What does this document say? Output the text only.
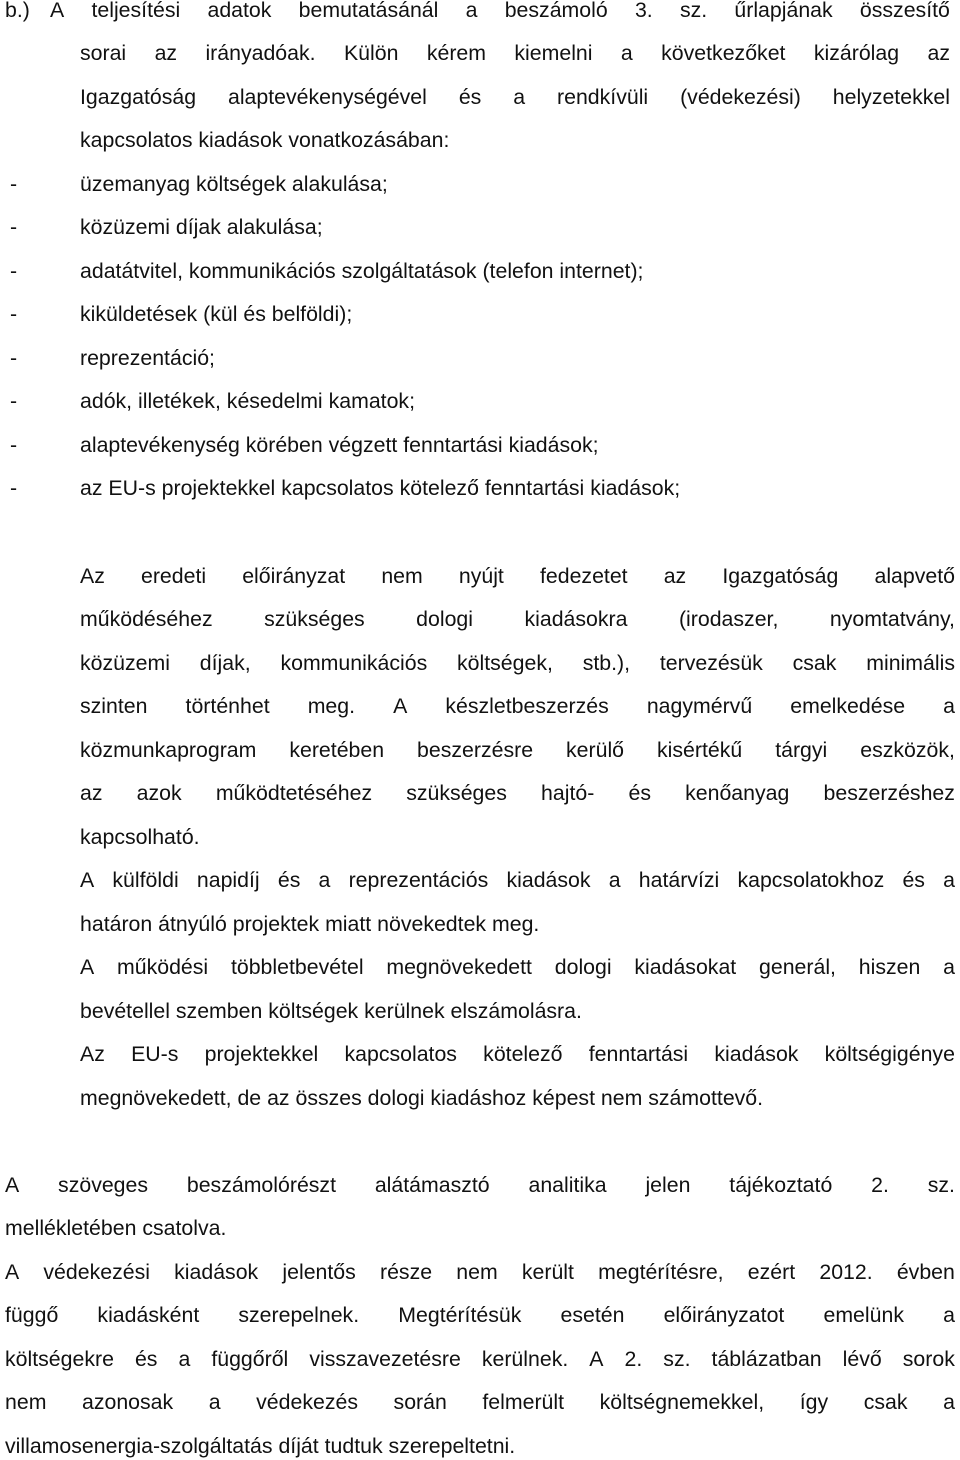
b.) A teljesítési adatok bemutatásánál a beszámoló 3. sz. űrlapjának összesítő
sorai az irányadóak. Külön kérem kiemelni a következőket kizárólag az
Igazgatóság alaptevékenységével és a rendkívüli (védekezési) helyzetekkel
kapcsolatos kiadások vonatkozásában:
-	üzemanyag költségek alakulása;
-	közüzemi díjak alakulása;
-	adatátvitel, kommunikációs szolgáltatások (telefon internet);
-	kiküldetések (kül és belföldi);
-	reprezentáció;
-	adók, illetékek, késedelmi kamatok;
-	alaptevékenység körében végzett fenntartási kiadások;
-	az EU-s projektekkel kapcsolatos kötelező fenntartási kiadások;
Az eredeti előirányzat nem nyújt fedezetet az Igazgatóság alapvető
működéséhez szükséges dologi kiadásokra (irodaszer, nyomtatvány,
közüzemi díjak, kommunikációs költségek, stb.), tervezésük csak minimális
szinten történhet meg. A készletbeszerzés nagymérvű emelkedése a
közmunkaprogram keretében beszerzésre kerülő kisértékű tárgyi eszközök,
az azok működtetéséhez szükséges hajtó- és kenőanyag beszerzéshez
kapcsolható.
A külföldi napidíj és a reprezentációs kiadások a határvízi kapcsolatokhoz és a
határon átnyúló projektek miatt növekedtek meg.
A működési többletbevétel megnövekedett dologi kiadásokat generál, hiszen a
bevétellel szemben költségek kerülnek elszámolásra.
Az EU-s projektekkel kapcsolatos kötelező fenntartási kiadások költségigénye
megnövekedett, de az összes dologi kiadáshoz képest nem számottevő.
A szöveges beszámolórészt alátámasztó analitika jelen tájékoztató 2. sz.
mellékletében csatolva.
A védekezési kiadások jelentős része nem került megtérítésre, ezért 2012. évben
függő kiadásként szerepelnek. Megtérítésük esetén előirányzatot emelünk a
költségekre és a függőről visszavezetésre kerülnek. A 2. sz. táblázatban lévő sorok
nem azonosak a védekezés során felmerült költségnemekkel, így csak a
villamosenergia-szolgáltatás díját tudtuk szerepeltetni.
